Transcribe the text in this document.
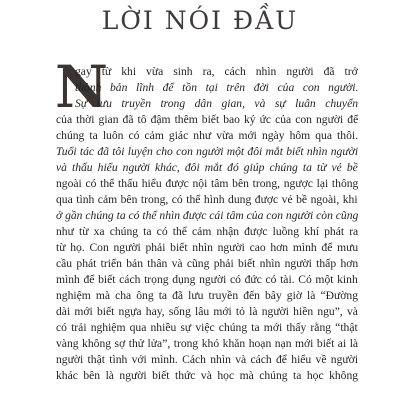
LỜI NÓI ĐẦU
N
gay từ khi vừa sinh ra, cách nhìn người đã trở
thành bản lĩnh để tồn tại trên đời của con người.
Sự lưu truyền trong dân gian, và sự luân chuyển
của thời gian đã tô đậm thêm biết bao ký ức của con người để
chúng ta luôn có cảm giác như vừa mới ngày hôm qua thôi.
Tuổi tác đã tôi luyện cho con người một đôi mắt biết nhìn người
và thấu hiểu người khác, đôi mắt đó giúp chúng ta từ vẻ bề
ngoài có thể thấu hiểu được nội tâm bên trong, ngược lại thông
qua tình cảm bên trong, có thể hình dung được vẻ bề ngoài, khi
ở gần chúng ta có thể nhìn được cái tâm của con người còn cũng
như từ xa chúng ta có thể cảm nhận được luồng khí phát ra
từ họ. Con người phải biết nhìn người cao hơn mình để mưu
cầu phát triển bản thân và cũng phải biết nhìn người thấp hơn
mình để biết cách trọng dụng người có đức có tài. Có một kinh
nghiệm mà cha ông ta đã lưu truyền đến bây giờ là “Đường
dài mới biết ngựa hay, sống lâu mới tỏ là người hiền ngu”, và
có trải nghiệm qua nhiều sự việc chúng ta mới thấy rằng “thật
vàng không sợ thử lửa”, trong khó khăn hoạn nạn mới biết ai là
người thật tình với mình. Cách nhìn và cách để hiểu về người
khác bên là người biết thức và học mà chúng ta học không
